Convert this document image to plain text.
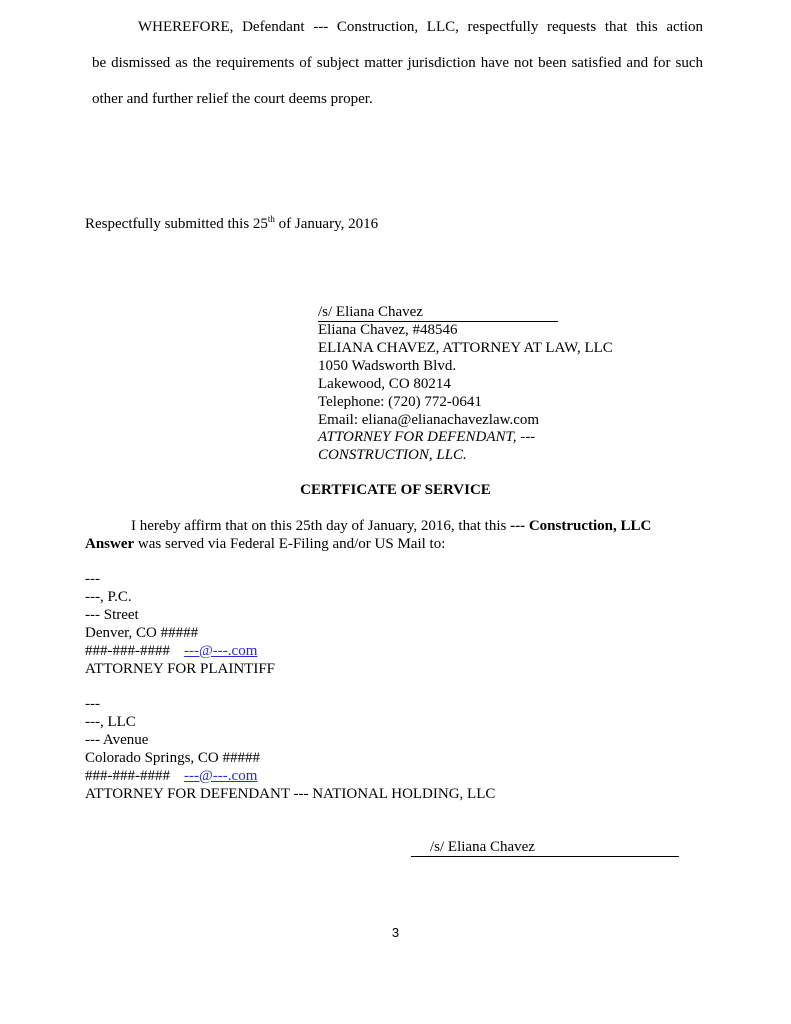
WHEREFORE, Defendant --- Construction, LLC, respectfully requests that this action
be dismissed as the requirements of subject matter jurisdiction have not been satisfied and for such
other and further relief the court deems proper.
Respectfully submitted this 25th of January, 2016
/s/ Eliana Chavez
Eliana Chavez, #48546
ELIANA CHAVEZ, ATTORNEY AT LAW, LLC
1050 Wadsworth Blvd.
Lakewood, CO 80214
Telephone: (720) 772-0641
Email: eliana@elianachavezlaw.com
ATTORNEY FOR DEFENDANT, ---
CONSTRUCTION, LLC.
CERTFICATE OF SERVICE
I hereby affirm that on this 25th day of January, 2016, that this --- Construction, LLC
Answer was served via Federal E-Filing and/or US Mail to:
---
---, P.C.
--- Street
Denver, CO #####
###-###-#### ---@---.com
ATTORNEY FOR PLAINTIFF
---
---, LLC
--- Avenue
Colorado Springs, CO #####
###-###-#### ---@---.com
ATTORNEY FOR DEFENDANT --- NATIONAL HOLDING, LLC
/s/ Eliana Chavez
3
